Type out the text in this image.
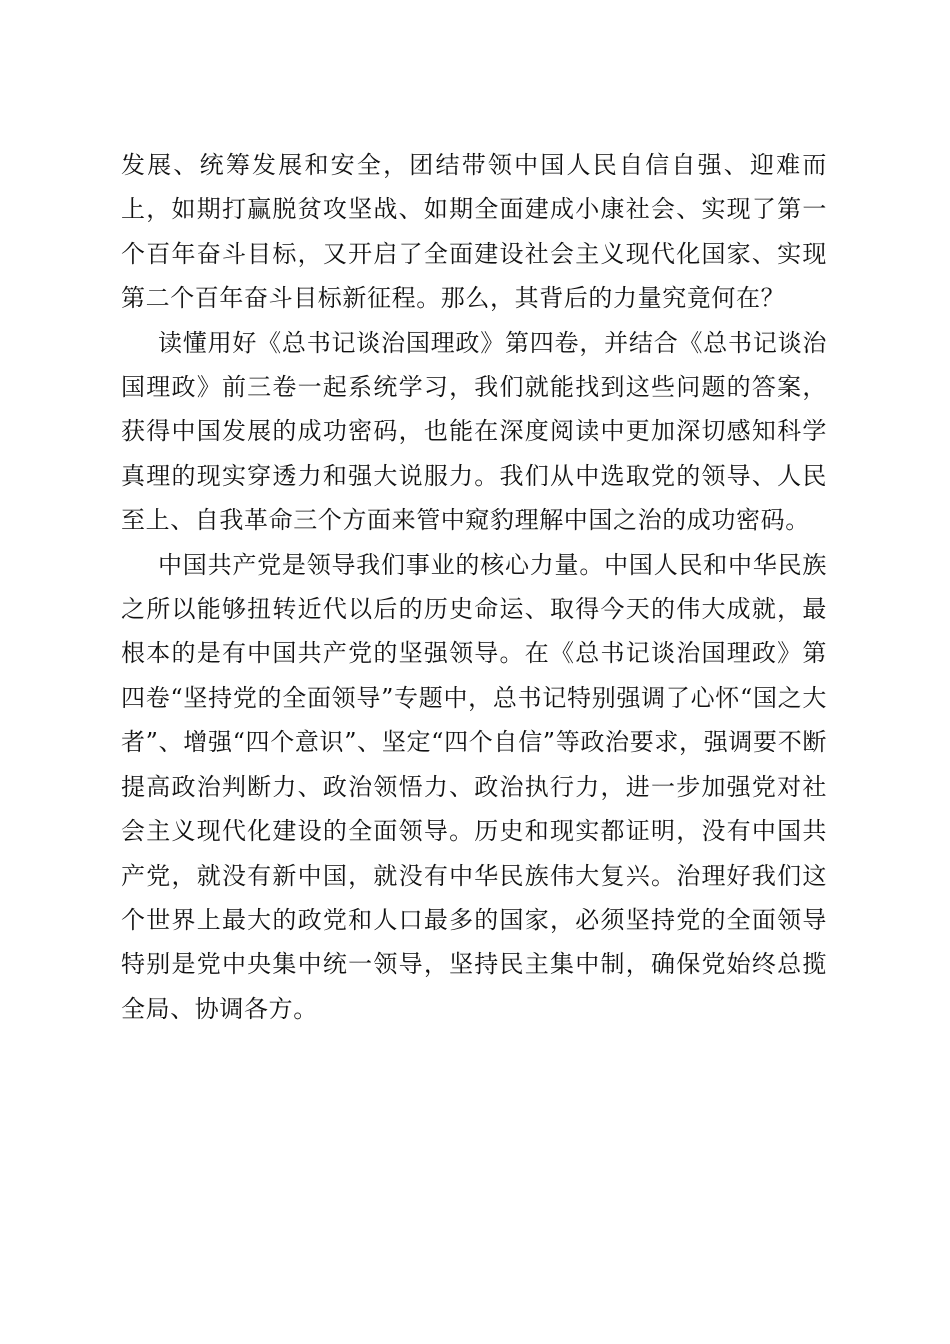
发展、统筹发展和安全，团结带领中国人民自信自强、迎难而上，如期打赢脱贫攻坚战、如期全面建成小康社会、实现了第一个百年奋斗目标，又开启了全面建设社会主义现代化国家、实现第二个百年奋斗目标新征程。那么，其背后的力量究竟何在？

读懂用好《总书记谈治国理政》第四卷，并结合《总书记谈治国理政》前三卷一起系统学习，我们就能找到这些问题的答案，获得中国发展的成功密码，也能在深度阅读中更加深切感知科学真理的现实穿透力和强大说服力。我们从中选取党的领导、人民至上、自我革命三个方面来管中窥豹理解中国之治的成功密码。

中国共产党是领导我们事业的核心力量。中国人民和中华民族之所以能够扭转近代以后的历史命运、取得今天的伟大成就，最根本的是有中国共产党的坚强领导。在《总书记谈治国理政》第四卷“坚持党的全面领导”专题中，总书记特别强调了心怀“国之大者”、增强“四个意识”、坚定“四个自信”等政治要求，强调要不断提高政治判断力、政治领悟力、政治执行力，进一步加强党对社会主义现代化建设的全面领导。历史和现实都证明，没有中国共产党，就没有新中国，就没有中华民族伟大复兴。治理好我们这个世界上最大的政党和人口最多的国家，必须坚持党的全面领导特别是党中央集中统一领导，坚持民主集中制，确保党始终总揽全局、协调各方。
